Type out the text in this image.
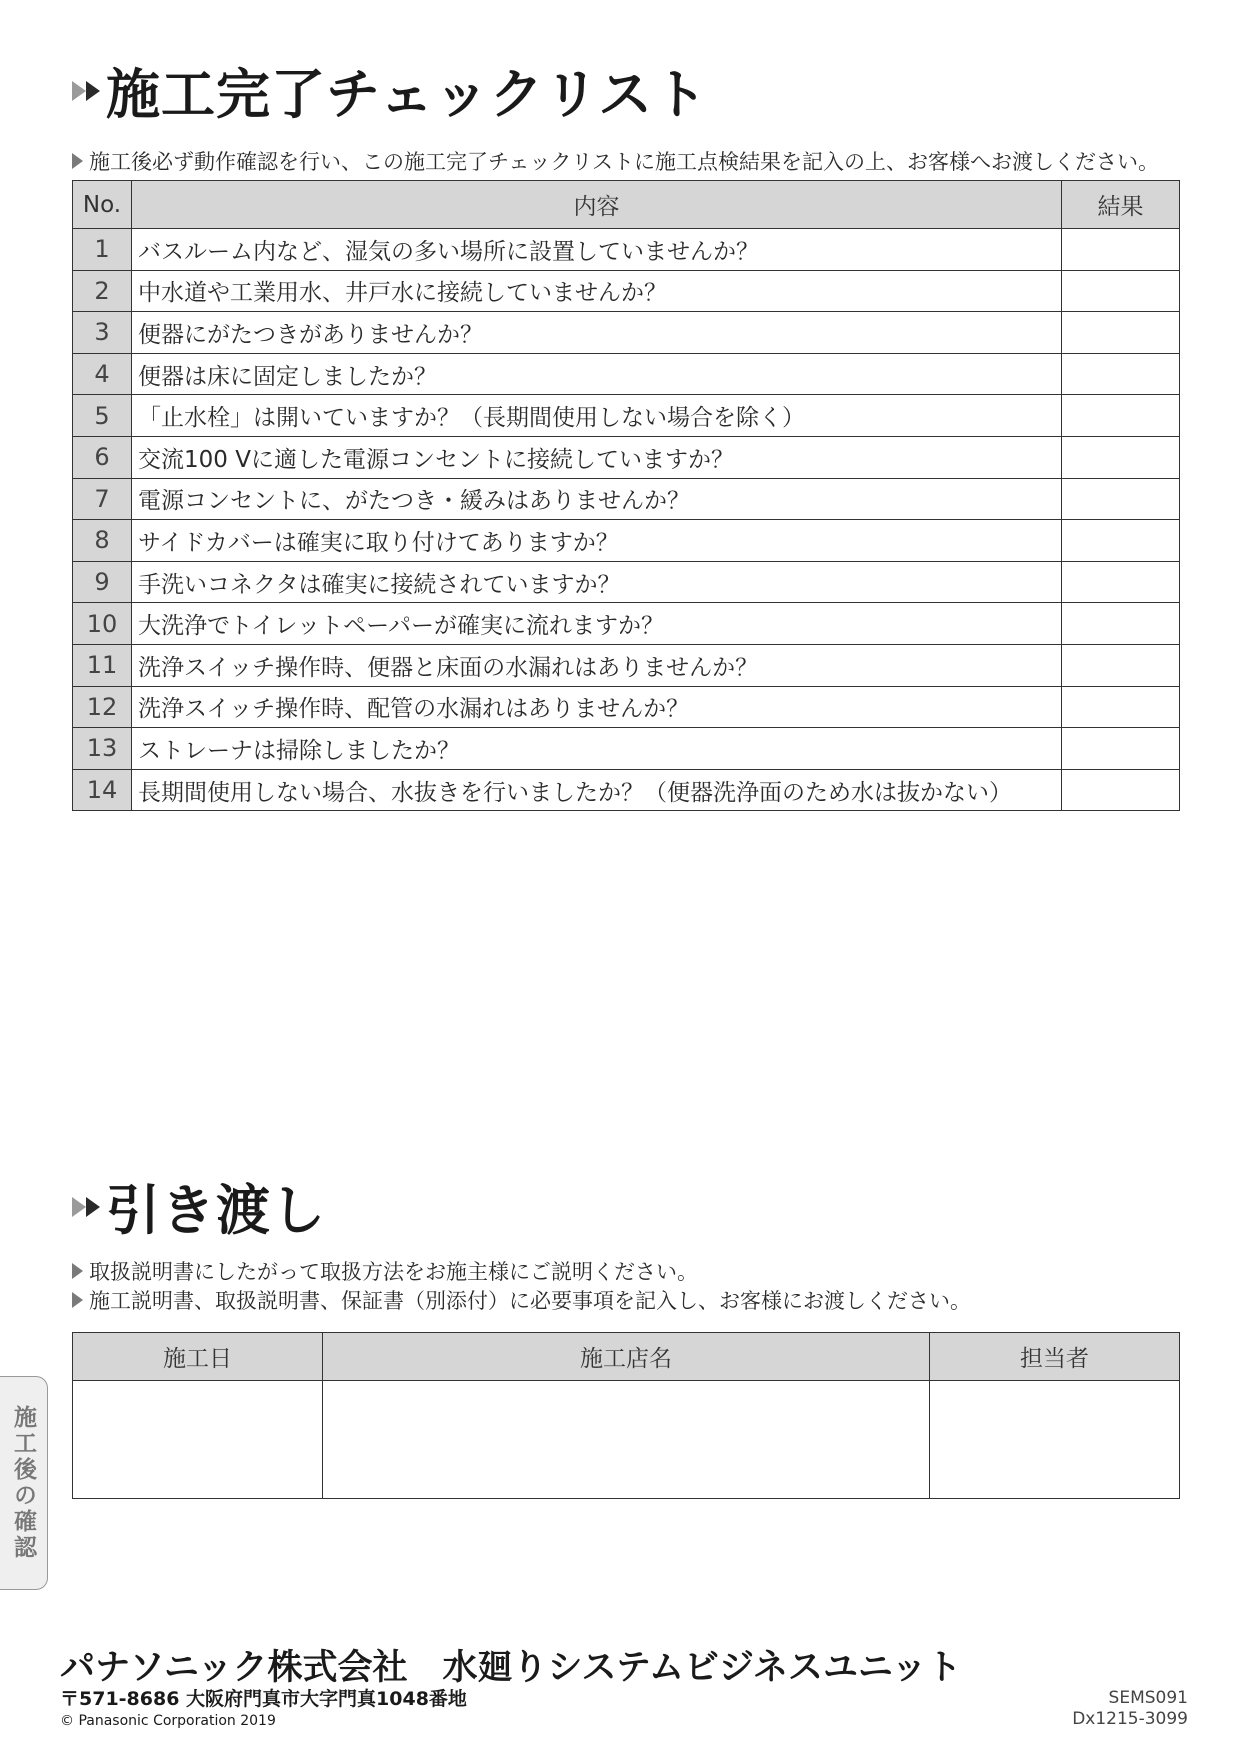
施工完了チェックリスト
施工後必ず動作確認を行い、この施工完了チェックリストに施工点検結果を記入の上、お客様へお渡しください。
No.	内容	結果
1	バスルーム内など、湿気の多い場所に設置していませんか？	
2	中水道や工業用水、井戸水に接続していませんか？	
3	便器にがたつきがありませんか？	
4	便器は床に固定しましたか？	
5	「止水栓」は開いていますか？（長期間使用しない場合を除く）	
6	交流100 Vに適した電源コンセントに接続していますか？	
7	電源コンセントに、がたつき・緩みはありませんか？	
8	サイドカバーは確実に取り付けてありますか？	
9	手洗いコネクタは確実に接続されていますか？	
10	大洗浄でトイレットペーパーが確実に流れますか？	
11	洗浄スイッチ操作時、便器と床面の水漏れはありませんか？	
12	洗浄スイッチ操作時、配管の水漏れはありませんか？	
13	ストレーナは掃除しましたか？	
14	長期間使用しない場合、水抜きを行いましたか？（便器洗浄面のため水は抜かない）	
引き渡し
取扱説明書にしたがって取扱方法をお施主様にご説明ください。
施工説明書、取扱説明書、保証書（別添付）に必要事項を記入し、お客様にお渡しください。
施工日	施工店名	担当者

施工後の確認
パナソニック株式会社　水廻りシステムビジネスユニット
〒571-8686 大阪府門真市大字門真1048番地
© Panasonic Corporation 2019
SEMS091
Dx1215-3099
